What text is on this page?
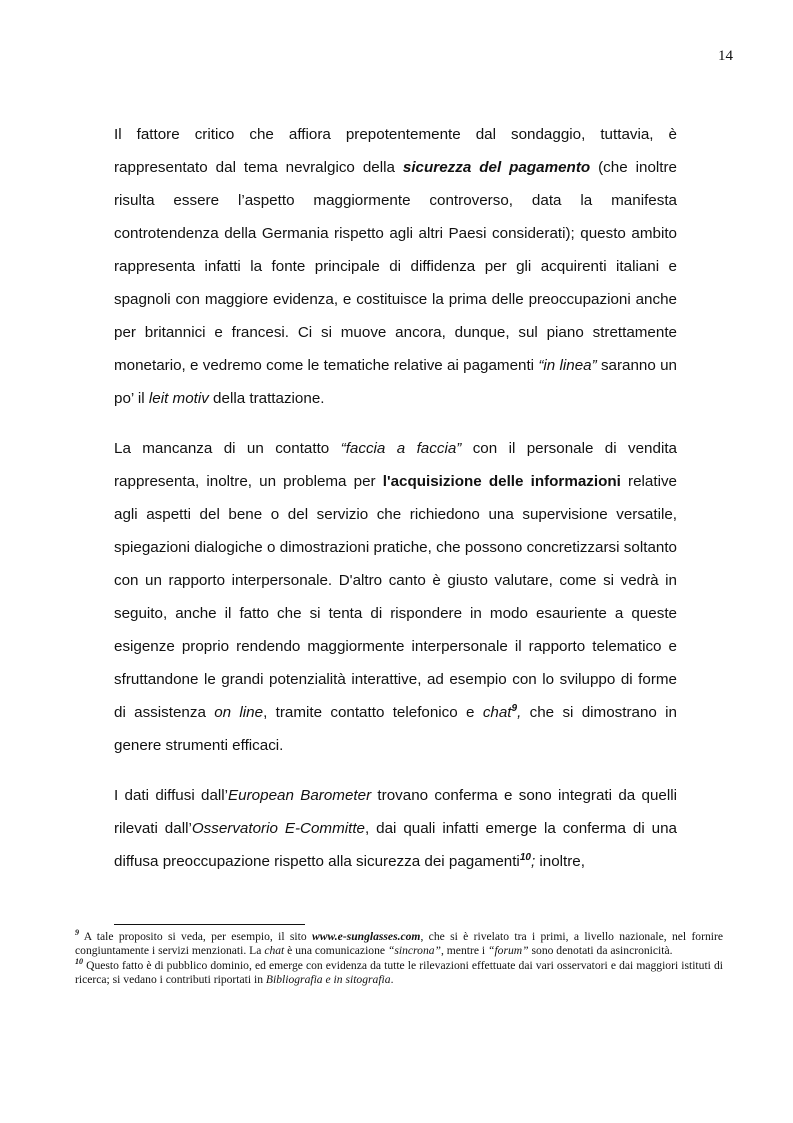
14

Il fattore critico che affiora prepotentemente dal sondaggio, tuttavia, è rappresentato dal tema nevralgico della sicurezza del pagamento (che inoltre risulta essere l’aspetto maggiormente controverso, data la manifesta controtendenza della Germania rispetto agli altri Paesi considerati); questo ambito rappresenta infatti la fonte principale di diffidenza per gli acquirenti italiani e spagnoli con maggiore evidenza, e costituisce la prima delle preoccupazioni anche per britannici e francesi. Ci si muove ancora, dunque, sul piano strettamente monetario, e vedremo come le tematiche relative ai pagamenti “in linea” saranno un po’ il leit motiv della trattazione.

La mancanza di un contatto “faccia a faccia” con il personale di vendita rappresenta, inoltre, un problema per l'acquisizione delle informazioni relative agli aspetti del bene o del servizio che richiedono una supervisione versatile, spiegazioni dialogiche o dimostrazioni pratiche, che possono concretizzarsi soltanto con un rapporto interpersonale. D'altro canto è giusto valutare, come si vedrà in seguito, anche il fatto che si tenta di rispondere in modo esauriente a queste esigenze proprio rendendo maggiormente interpersonale il rapporto telematico e sfruttandone le grandi potenzialità interattive, ad esempio con lo sviluppo di forme di assistenza on line, tramite contatto telefonico e chat$^9$, che si dimostrano in genere strumenti efficaci.

I dati diffusi dall’European Barometer trovano conferma e sono integrati da quelli rilevati dall’Osservatorio E-Committe, dai quali infatti emerge la conferma di una diffusa preoccupazione rispetto alla sicurezza dei pagamenti$^{10}$; inoltre,

$^9$ A tale proposito si veda, per esempio, il sito www.e-sunglasses.com, che si è rivelato tra i primi, a livello nazionale, nel fornire congiuntamente i servizi menzionati. La chat è una comunicazione “sincrona”, mentre i “forum” sono denotati da asincronicità.

$^{10}$ Questo fatto è di pubblico dominio, ed emerge con evidenza da tutte le rilevazioni effettuate dai vari osservatori e dai maggiori istituti di ricerca; si vedano i contributi riportati in Bibliografia e in sitografia.
